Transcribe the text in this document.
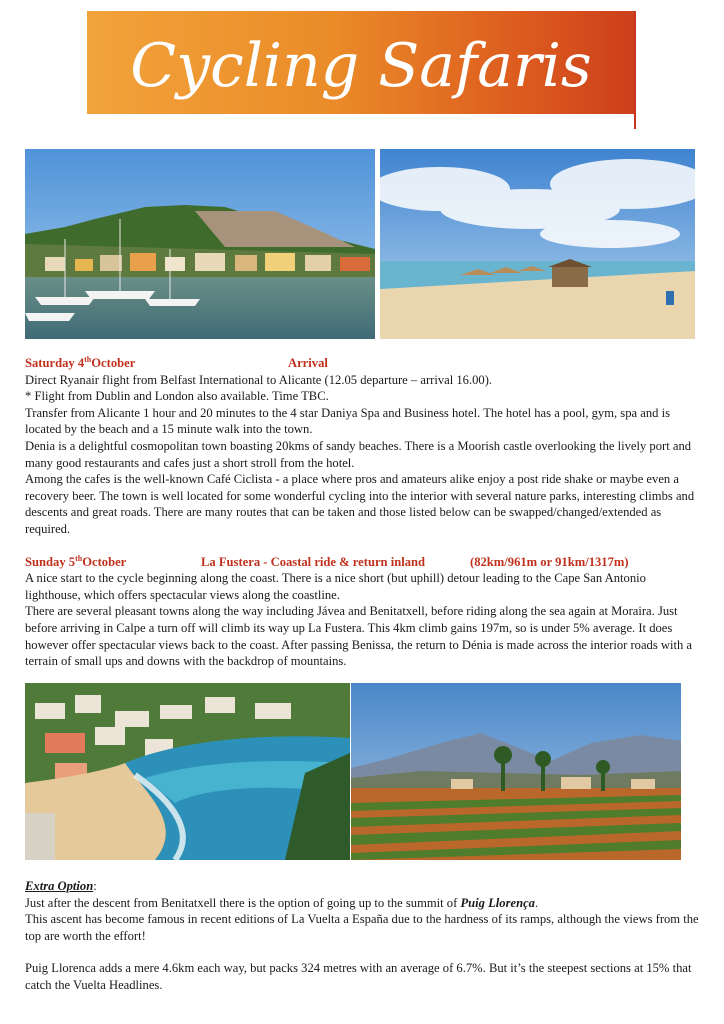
Cycling Safaris

Saturday 4thOctober	Arrival

Direct Ryanair flight from Belfast International to Alicante (12.05 departure – arrival 16.00).

* Flight from Dublin and London also available. Time TBC.

Transfer from Alicante 1 hour and 20 minutes to the 4 star Daniya Spa and Business hotel. The hotel has a pool, gym, spa and is located by the beach and a 15 minute walk into the town.

Denia is a delightful cosmopolitan town boasting 20kms of sandy beaches. There is a Moorish castle overlooking the lively port and many good restaurants and cafes just a short stroll from the hotel.

Among the cafes is the well-known Café Ciclista - a place where pros and amateurs alike enjoy a post ride shake or maybe even a recovery beer. The town is well located for some wonderful cycling into the interior with several nature parks, interesting climbs and descents and great roads. There are many routes that can be taken and those listed below can be swapped/changed/extended as required.

Sunday 5thOctober	La Fustera - Coastal ride & return inland	(82km/961m or 91km/1317m)

A nice start to the cycle beginning along the coast. There is a nice short (but uphill) detour leading to the Cape San Antonio lighthouse, which offers spectacular views along the coastline.

There are several pleasant towns along the way including Jávea and Benitatxell, before riding along the sea again at Moraira. Just before arriving in Calpe a turn off will climb its way up La Fustera. This 4km climb gains 197m, so is under 5% average. It does however offer spectacular views back to the coast. After passing Benissa, the return to Dénia is made across the interior roads with a terrain of small ups and downs with the backdrop of mountains.

Extra Option:

Just after the descent from Benitatxell there is the option of going up to the summit of Puig Llorença.

This ascent has become famous in recent editions of La Vuelta a España due to the hardness of its ramps, although the views from the top are worth the effort!

Puig Llorenca adds a mere 4.6km each way, but packs 324 metres with an average of 6.7%. But it’s the steepest sections at 15% that catch the Vuelta Headlines.
